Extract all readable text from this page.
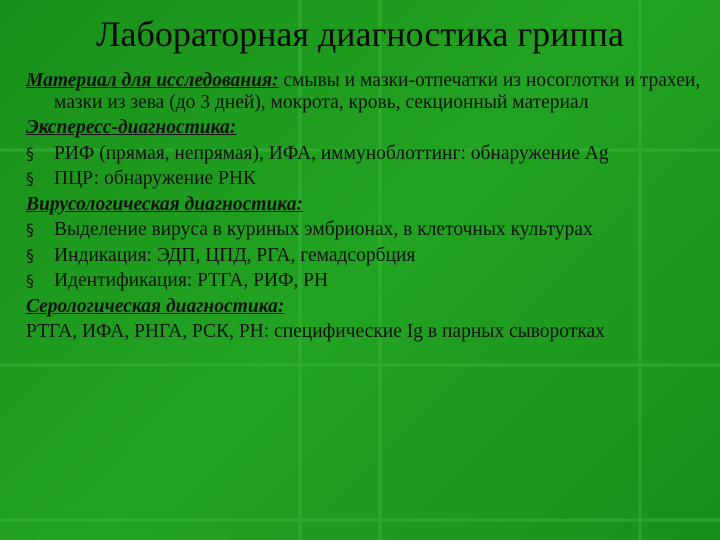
Лабораторная диагностика гриппа

Материал для исследования: смывы и мазки-отпечатки из носоглотки и трахеи, мазки из зева (до 3 дней), мокрота, кровь, секционный материал

Экспересс-диагностика:

§	РИФ (прямая, непрямая), ИФА, иммуноблоттинг: обнаружение Ag

§	ПЦР: обнаружение РНК

Вирусологическая диагностика:

§	Выделение вируса в куриных эмбрионах, в клеточных культурах

§	Индикация: ЭДП, ЦПД, РГА, гемадсорбция

§	Идентификация: РТГА, РИФ, РН

Серологическая диагностика:

РТГА, ИФА, РНГА, РСК, РН: специфические Ig в парных сыворотках
